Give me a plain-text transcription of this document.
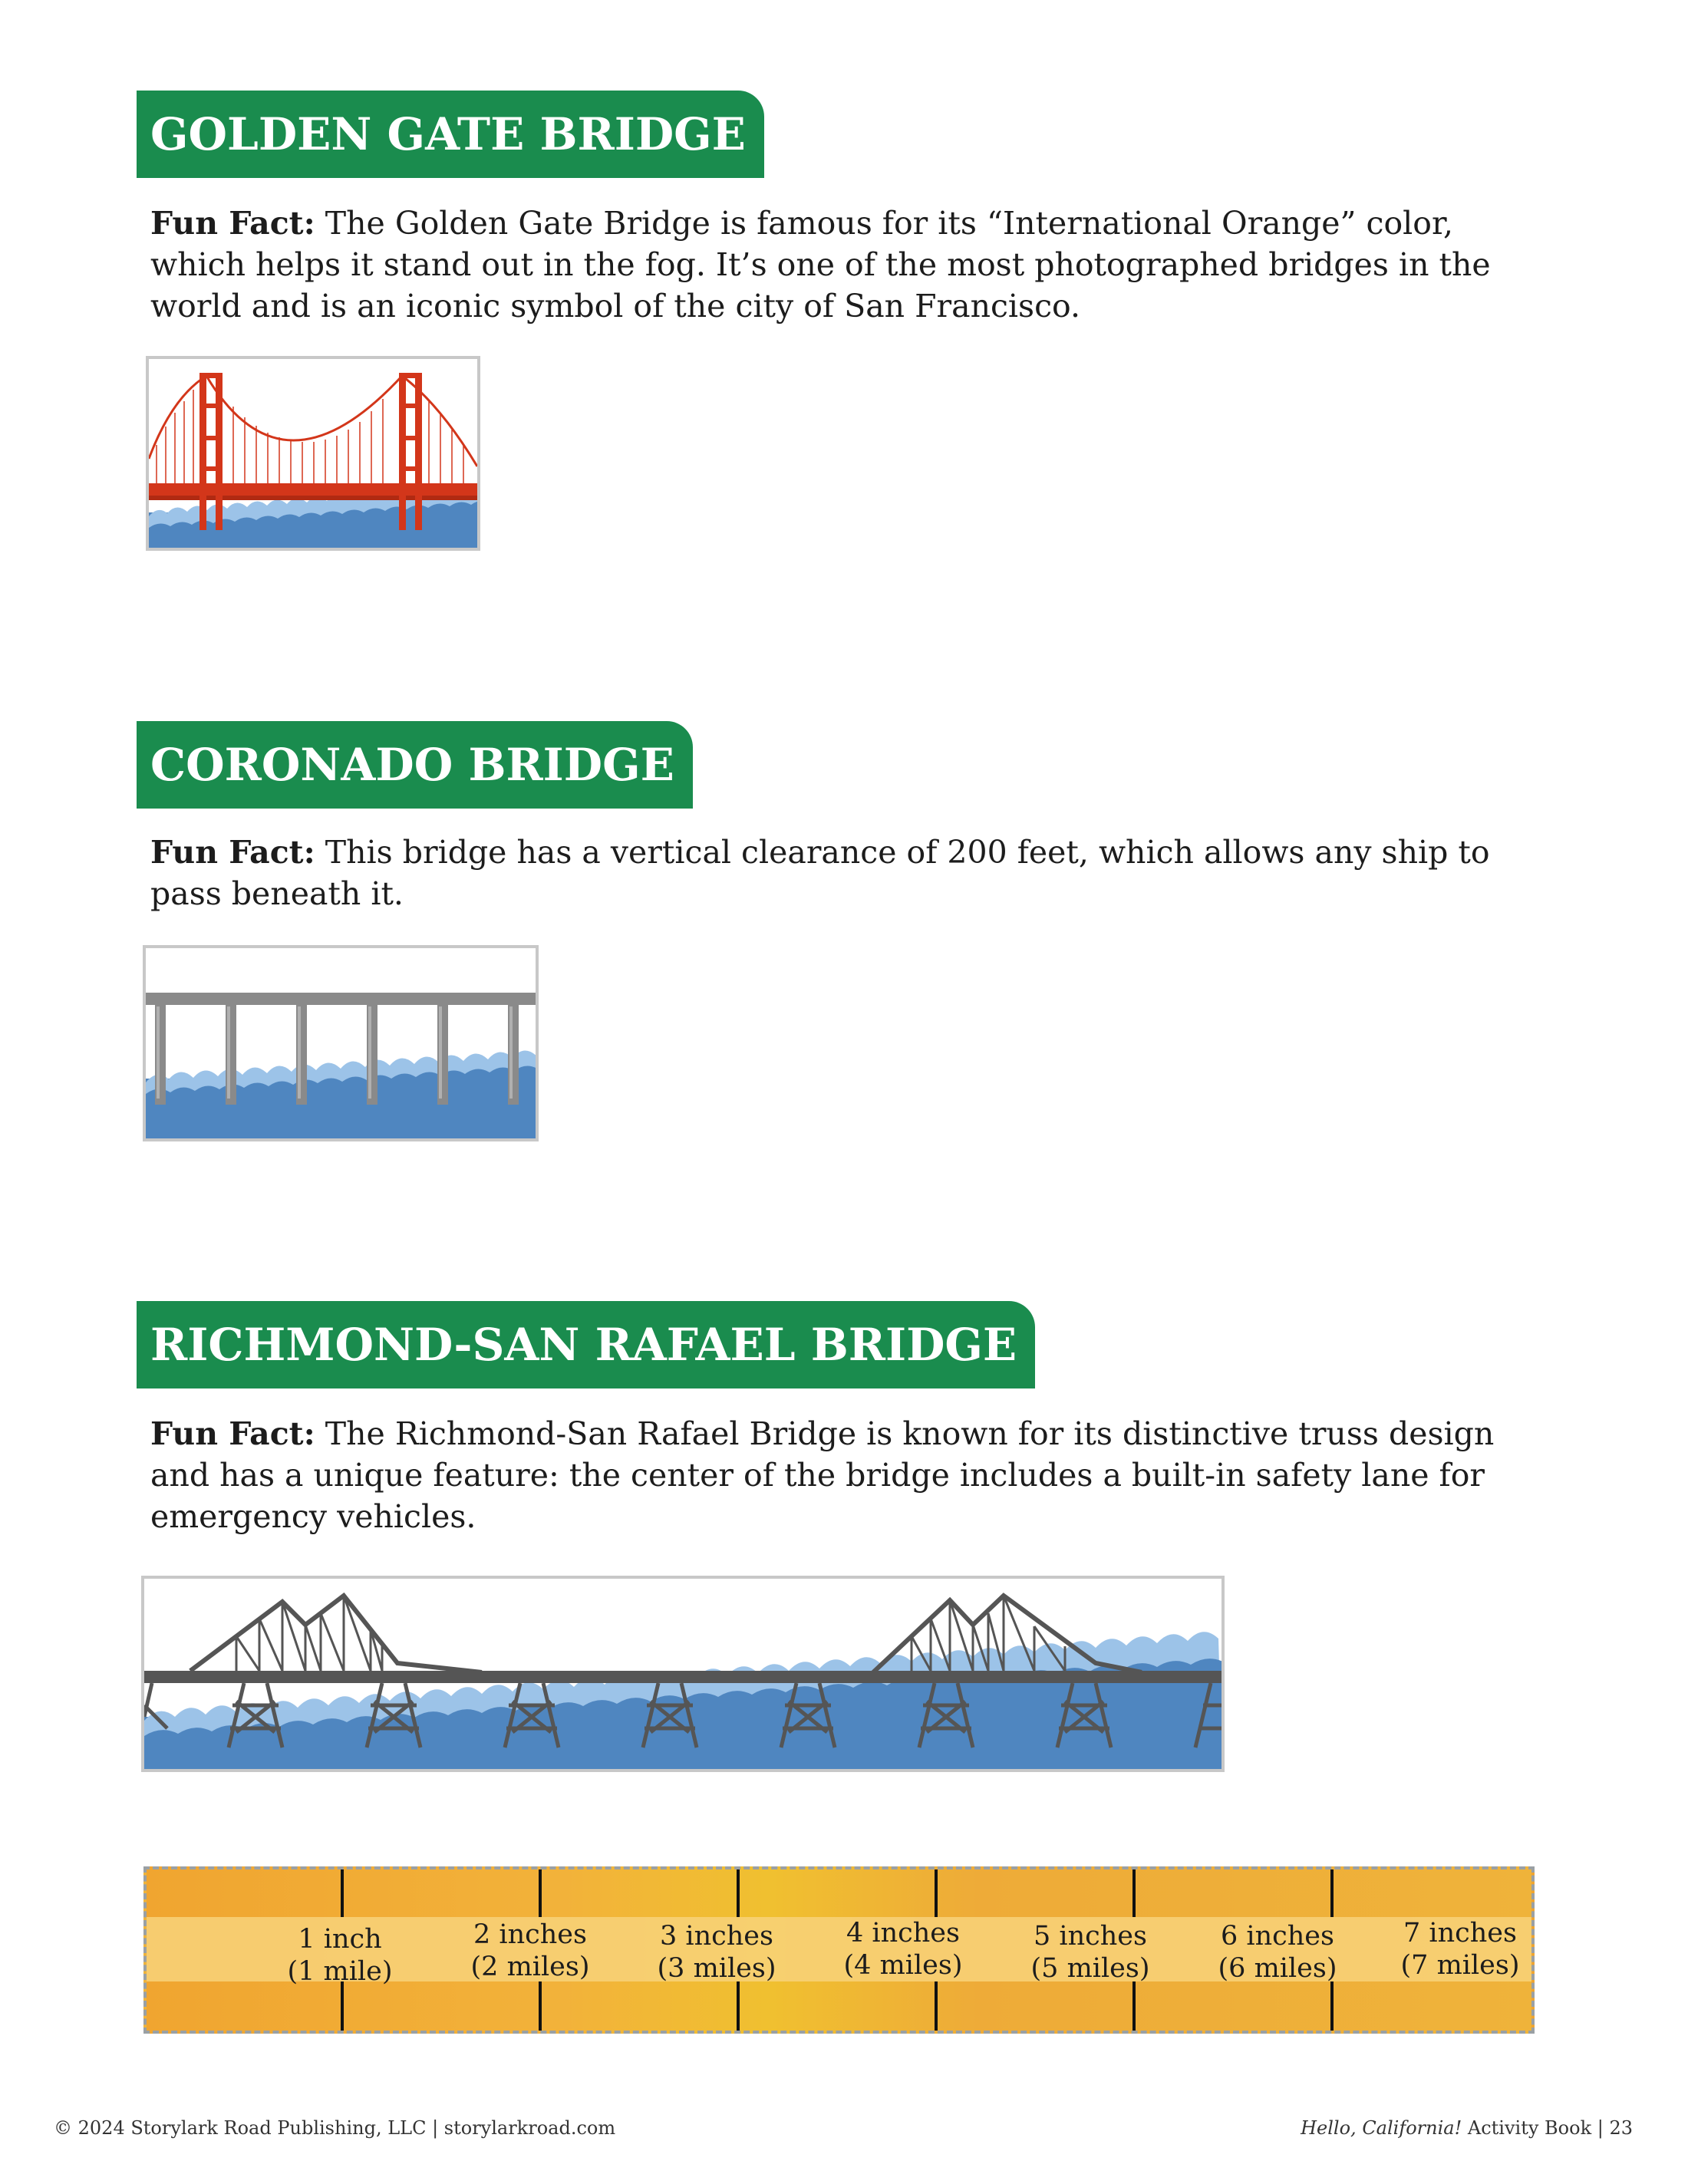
GOLDEN GATE BRIDGE

Fun Fact: The Golden Gate Bridge is famous for its “International Orange” color, which helps it stand out in the fog. It’s one of the most photographed bridges in the world and is an iconic symbol of the city of San Francisco.

CORONADO BRIDGE

Fun Fact: This bridge has a vertical clearance of 200 feet, which allows any ship to pass beneath it.

RICHMOND-SAN RAFAEL BRIDGE

Fun Fact: The Richmond-San Rafael Bridge is known for its distinctive truss design and has a unique feature: the center of the bridge includes a built-in safety lane for emergency vehicles.

1 inch
(1 mile)
2 inches
(2 miles)
3 inches
(3 miles)
4 inches
(4 miles)
5 inches
(5 miles)
6 inches
(6 miles)
7 inches
(7 miles)
© 2024 Storylark Road Publishing, LLC | storylarkroad.com	Hello, California! Activity Book | 23
